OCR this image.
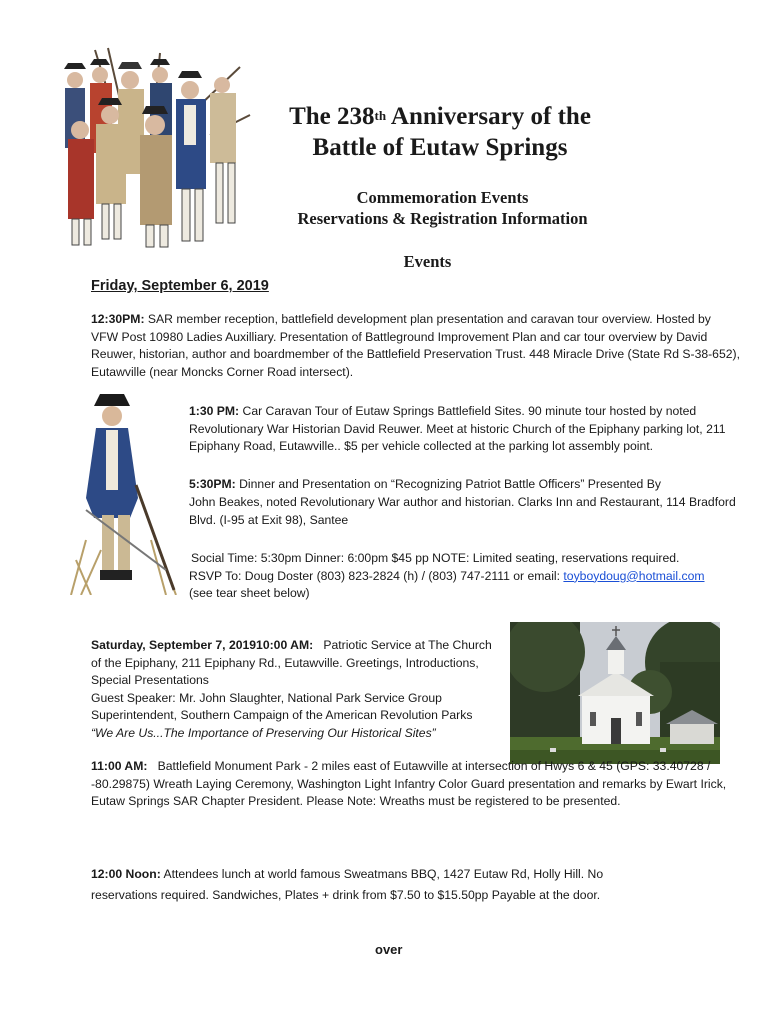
The 238th Anniversary of the
Battle of Eutaw Springs
Commemoration Events
Reservations & Registration Information
Events
Friday, September 6, 2019
12:30PM: SAR member reception, battlefield development plan presentation and caravan tour overview. Hosted by VFW Post 10980 Ladies Auxilliary. Presentation of Battleground Improvement Plan and car tour overview by David Reuwer, historian, author and boardmember of the Battlefield Preservation Trust. 448 Miracle Drive (State Rd S-38-652), Eutawville (near Moncks Corner Road intersect).
1:30 PM: Car Caravan Tour of Eutaw Springs Battlefield Sites. 90 minute tour hosted by noted Revolutionary War Historian David Reuwer. Meet at historic Church of the Epiphany parking lot, 211 Epiphany Road, Eutawville.. $5 per vehicle collected at the parking lot assembly point.
5:30PM: Dinner and Presentation on “Recognizing Patriot Battle Officers” Presented By
John Beakes, noted Revolutionary War author and historian. Clarks Inn and Restaurant, 114 Bradford Blvd. (I-95 at Exit 98), Santee
Social Time: 5:30pm Dinner: 6:00pm $45 pp NOTE: Limited seating, reservations required.
RSVP To: Doug Doster (803) 823-2824 (h) / (803) 747-2111 or email: toyboydoug@hotmail.com
(see tear sheet below)
Saturday, September 7, 201910:00 AM: Patriotic Service at The Church of the Epiphany, 211 Epiphany Rd., Eutawville. Greetings, Introductions, Special Presentations
Guest Speaker: Mr. John Slaughter, National Park Service Group Superintendent, Southern Campaign of the American Revolution Parks
“We Are Us...The Importance of Preserving Our Historical Sites”
11:00 AM: Battlefield Monument Park - 2 miles east of Eutawville at intersection of Hwys 6 & 45 (GPS: 33.40728 / -80.29875) Wreath Laying Ceremony, Washington Light Infantry Color Guard presentation and remarks by Ewart Irick, Eutaw Springs SAR Chapter President. Please Note: Wreaths must be registered to be presented.
12:00 Noon: Attendees lunch at world famous Sweatmans BBQ, 1427 Eutaw Rd, Holly Hill. No reservations required. Sandwiches, Plates + drink from $7.50 to $15.50pp Payable at the door.
over
